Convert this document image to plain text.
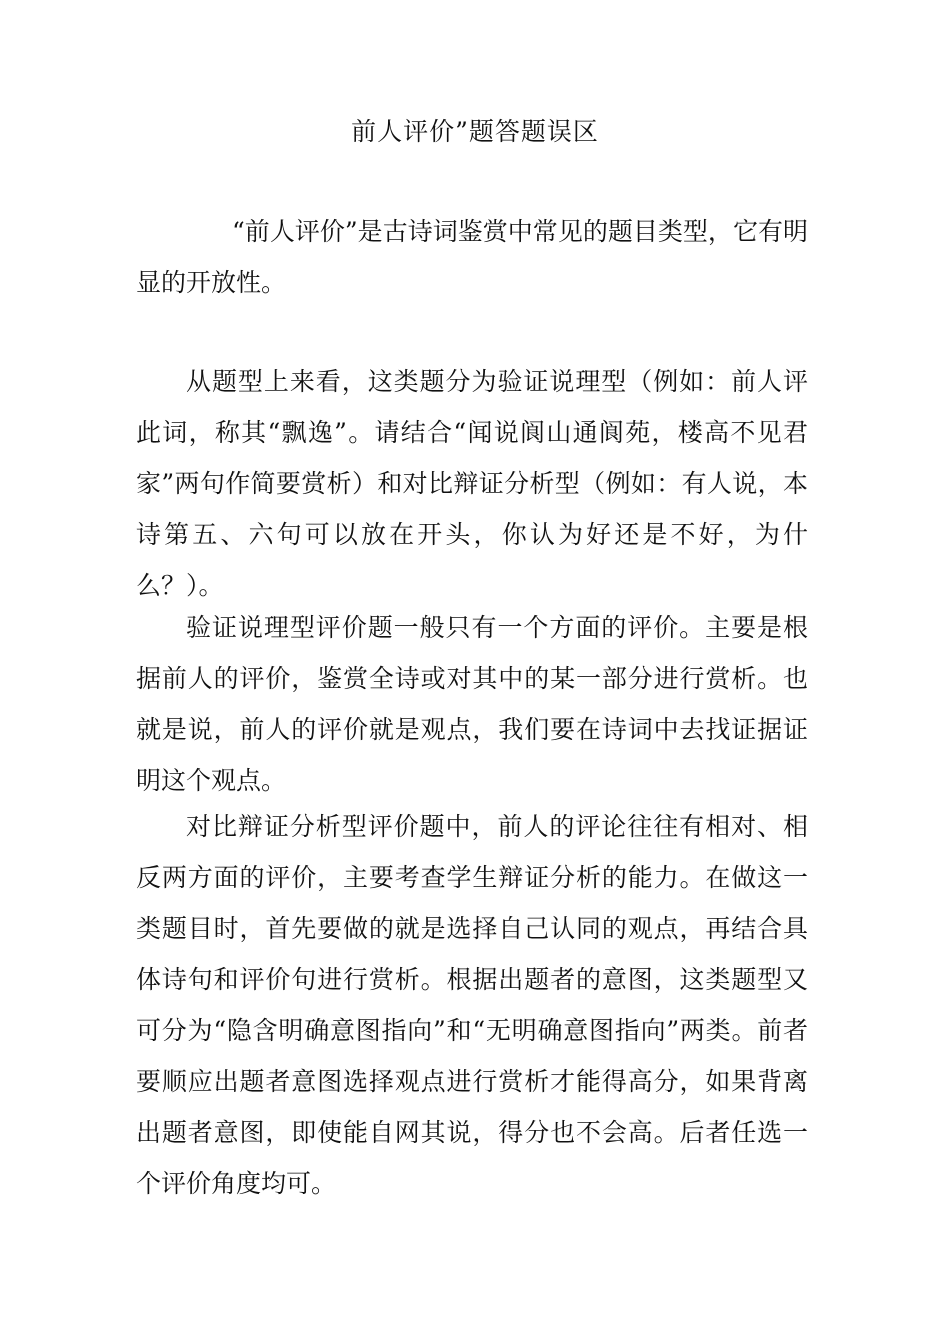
前人评价”题答题误区

“前人评价”是古诗词鉴赏中常见的题目类型，它有明显的开放性。

从题型上来看，这类题分为验证说理型（例如：前人评此词，称其“飘逸”。请结合“闻说阆山通阆苑，楼高不见君家”两句作简要赏析）和对比辩证分析型（例如：有人说，本诗第五、六句可以放在开头，你认为好还是不好，为什么？）。

验证说理型评价题一般只有一个方面的评价。主要是根据前人的评价，鉴赏全诗或对其中的某一部分进行赏析。也就是说，前人的评价就是观点，我们要在诗词中去找证据证明这个观点。

对比辩证分析型评价题中，前人的评论往往有相对、相反两方面的评价，主要考查学生辩证分析的能力。在做这一类题目时，首先要做的就是选择自己认同的观点，再结合具体诗句和评价句进行赏析。根据出题者的意图，这类题型又可分为“隐含明确意图指向”和“无明确意图指向”两类。前者要顺应出题者意图选择观点进行赏析才能得高分，如果背离出题者意图，即使能自网其说，得分也不会高。后者任选一个评价角度均可。
